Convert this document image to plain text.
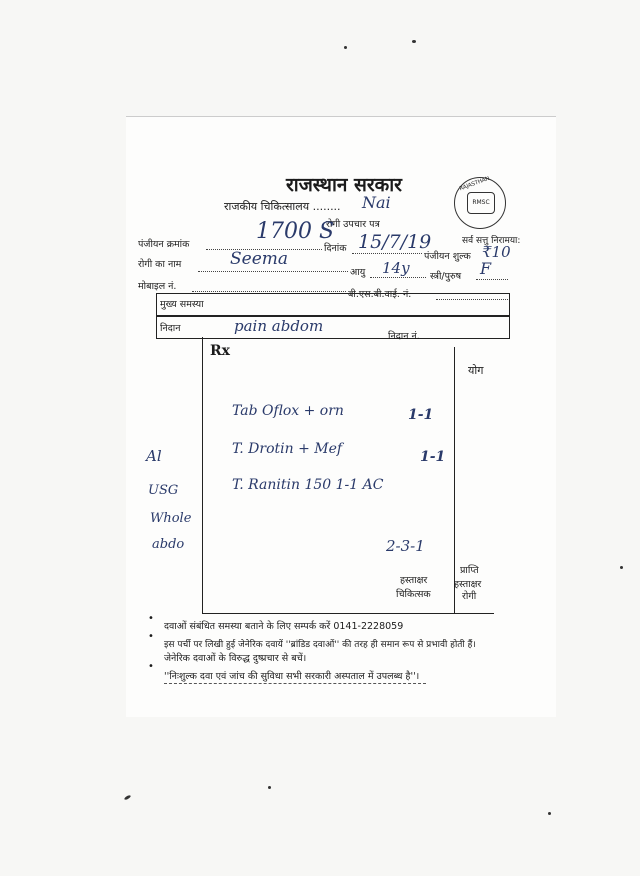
राजस्थान सरकार
राजकीय चिकित्सालय ........ Nai
रोगी उपचार पत्र
RAJASTHAN
RMSC
पंजीयन क्रमांक
1700 S
दिनांक 15/7/19	सर्व सत्तु निरामया:
पंजीयन शुल्क ₹10
रोगी का नाम	Seema
आयु 14y स्त्री/पुरुष F
मोबाइल नं.
बी.एस.बी.वाई. नं.
मुख्य समस्या
निदान	pain abdom
निदान नं.
Rx
योग
Tab Oflox + orn	1-1
T. Drotin + Mef	1-1
T. Ranitin 150 1-1 AC
Al
USG
Whole
abdo	2-3-1
हस्ताक्षर
चिकित्सक
प्राप्ति
हस्ताक्षर
रोगी
•
दवाओं संबंधित समस्या बताने के लिए सम्पर्क करें 0141-2228059
•
इस पर्ची पर लिखी हुई जेनेरिक दवायें ''ब्रांडिड दवाओं'' की तरह ही समान रूप से प्रभावी होती हैं।
जेनेरिक दवाओं के विरुद्ध दुष्प्रचार से बचें।
•
''निःशुल्क दवा एवं जांच की सुविधा सभी सरकारी अस्पताल में उपलब्ध है''।
